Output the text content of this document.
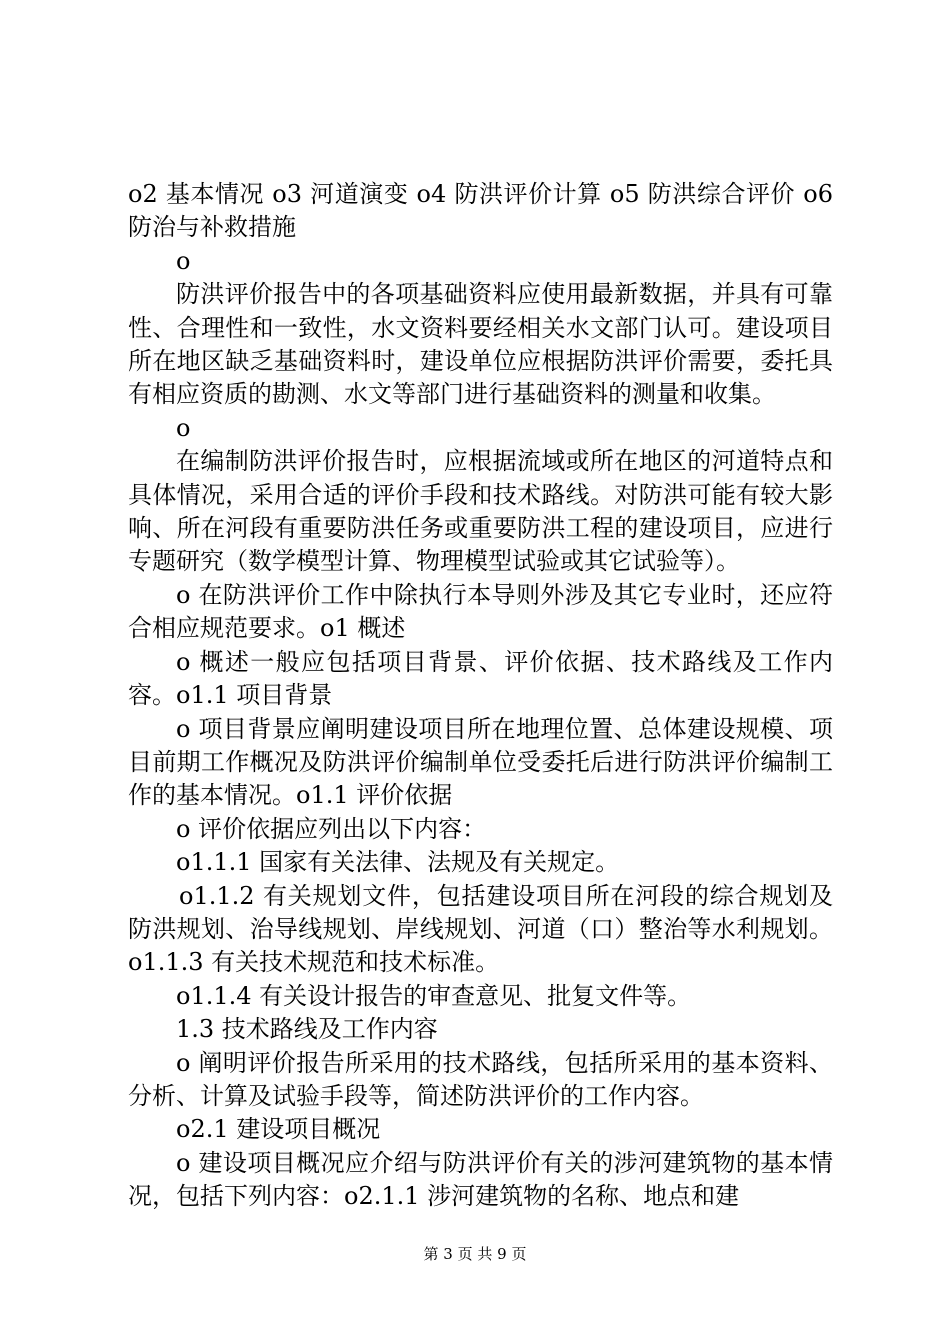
o2 基本情况 o3 河道演变 o4 防洪评价计算 o5 防洪综合评价 o6防治与补救措施

o

防洪评价报告中的各项基础资料应使用最新数据，并具有可靠性、合理性和一致性，水文资料要经相关水文部门认可。建设项目所在地区缺乏基础资料时，建设单位应根据防洪评价需要，委托具有相应资质的勘测、水文等部门进行基础资料的测量和收集。

o

在编制防洪评价报告时，应根据流域或所在地区的河道特点和具体情况，采用合适的评价手段和技术路线。对防洪可能有较大影响、所在河段有重要防洪任务或重要防洪工程的建设项目，应进行专题研究（数学模型计算、物理模型试验或其它试验等）。

o 在防洪评价工作中除执行本导则外涉及其它专业时，还应符合相应规范要求。o1 概述

o 概述一般应包括项目背景、评价依据、技术路线及工作内容。o1.1 项目背景

o 项目背景应阐明建设项目所在地理位置、总体建设规模、项目前期工作概况及防洪评价编制单位受委托后进行防洪评价编制工作的基本情况。o1.1 评价依据

o 评价依据应列出以下内容：

o1.1.1 国家有关法律、法规及有关规定。

o1.1.2 有关规划文件，包括建设项目所在河段的综合规划及防洪规划、治导线规划、岸线规划、河道（口）整治等水利规划。o1.1.3 有关技术规范和技术标准。

o1.1.4 有关设计报告的审查意见、批复文件等。

1.3 技术路线及工作内容

o 阐明评价报告所采用的技术路线，包括所采用的基本资料、分析、计算及试验手段等，简述防洪评价的工作内容。

o2.1 建设项目概况

o 建设项目概况应介绍与防洪评价有关的涉河建筑物的基本情况，包括下列内容：o2.1.1 涉河建筑物的名称、地点和建

第 3 页 共 9 页
